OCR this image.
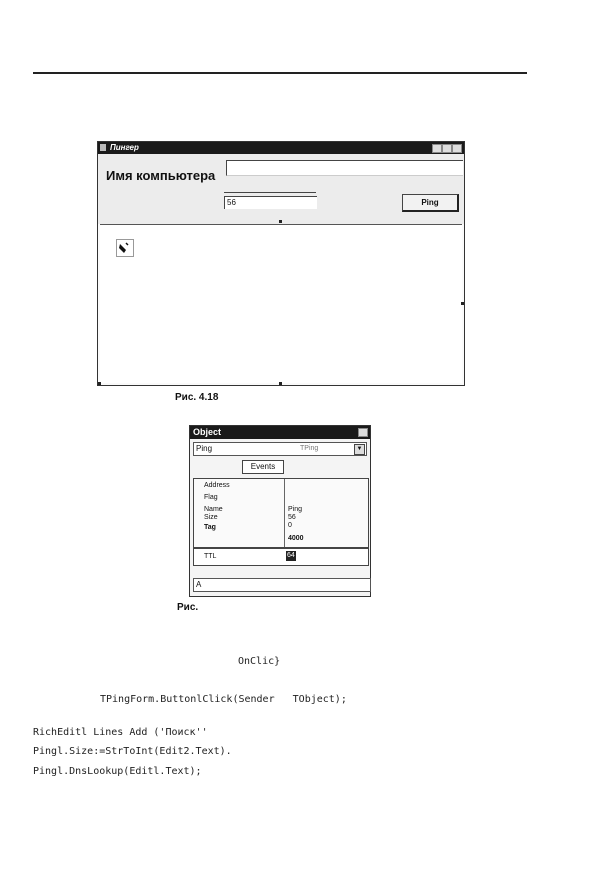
Пингер
Имя компьютера
56	Ping
Рис. 4.18
Object
Ping	TPing	▼
Events
Address
Flag
Name	Ping
Size	56
Tag	0
4000
TTL	64
A
Рис.
OnClic}
TPingForm.ButtonlClick(Sender   TObject);
RichEditl Lines Add ('Поиск''
Pingl.Size:=StrToInt(Edit2.Text).
Pingl.DnsLookup(Editl.Text);
